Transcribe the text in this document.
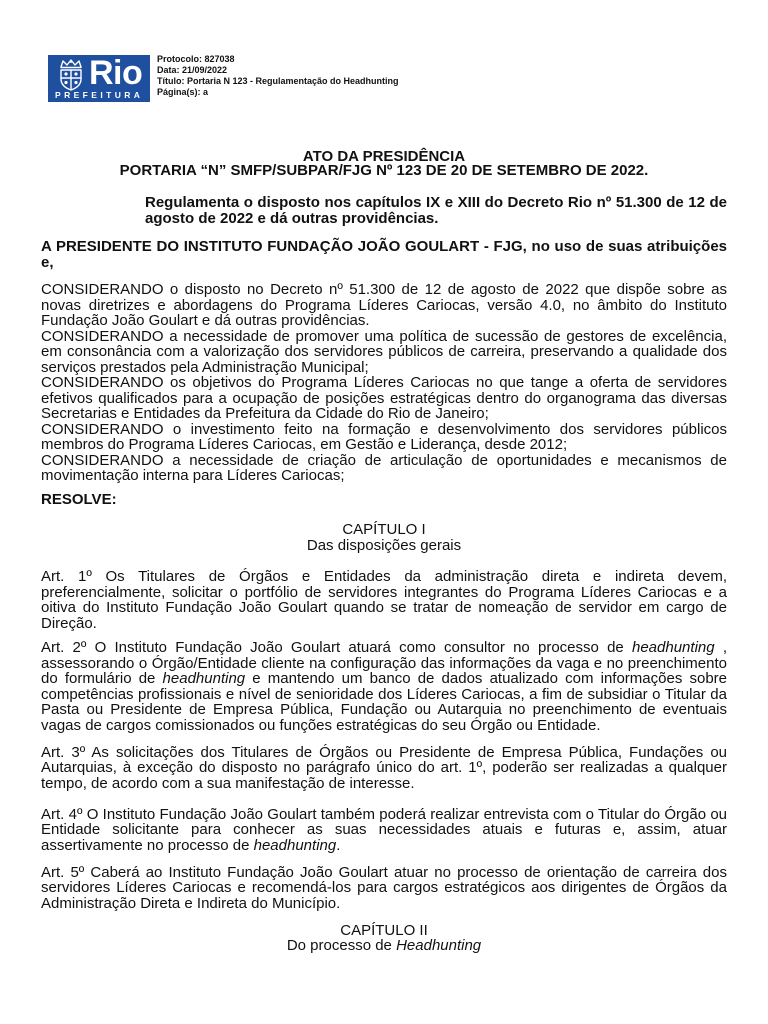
Rio
PREFEITURA
Protocolo: 827038
Data: 21/09/2022
Título: Portaria N 123 - Regulamentação do Headhunting
Página(s): a
ATO DA PRESIDÊNCIA
PORTARIA “N” SMFP/SUBPAR/FJG Nº 123 DE 20 DE SETEMBRO DE 2022.
Regulamenta o disposto nos capítulos IX e XIII do Decreto Rio nº 51.300 de 12 de agosto de 2022 e dá outras providências.
A PRESIDENTE DO INSTITUTO FUNDAÇÃO JOÃO GOULART - FJG, no uso de suas atribuições e,

CONSIDERANDO o disposto no Decreto nº 51.300 de 12 de agosto de 2022 que dispõe sobre as novas diretrizes e abordagens do Programa Líderes Cariocas, versão 4.0, no âmbito do Instituto Fundação João Goulart e dá outras providências.

CONSIDERANDO a necessidade de promover uma política de sucessão de gestores de excelência, em consonância com a valorização dos servidores públicos de carreira, preservando a qualidade dos serviços prestados pela Administração Municipal;

CONSIDERANDO os objetivos do Programa Líderes Cariocas no que tange a oferta de servidores efetivos qualificados para a ocupação de posições estratégicas dentro do organograma das diversas Secretarias e Entidades da Prefeitura da Cidade do Rio de Janeiro;

CONSIDERANDO o investimento feito na formação e desenvolvimento dos servidores públicos membros do Programa Líderes Cariocas, em Gestão e Liderança, desde 2012;

CONSIDERANDO a necessidade de criação de articulação de oportunidades e mecanismos de movimentação interna para Líderes Cariocas;

RESOLVE:
CAPÍTULO I
Das disposições gerais
Art. 1º Os Titulares de Órgãos e Entidades da administração direta e indireta devem, preferencialmente, solicitar o portfólio de servidores integrantes do Programa Líderes Cariocas e a oitiva do Instituto Fundação João Goulart quando se tratar de nomeação de servidor em cargo de Direção.
Art. 2º O Instituto Fundação João Goulart atuará como consultor no processo de headhunting , assessorando o Órgão/Entidade cliente na configuração das informações da vaga e no preenchimento do formulário de headhunting e mantendo um banco de dados atualizado com informações sobre competências profissionais e nível de senioridade dos Líderes Cariocas, a fim de subsidiar o Titular da Pasta ou Presidente de Empresa Pública, Fundação ou Autarquia no preenchimento de eventuais vagas de cargos comissionados ou funções estratégicas do seu Órgão ou Entidade.
Art. 3º As solicitações dos Titulares de Órgãos ou Presidente de Empresa Pública, Fundações ou Autarquias, à exceção do disposto no parágrafo único do art. 1º, poderão ser realizadas a qualquer tempo, de acordo com a sua manifestação de interesse.
Art. 4º O Instituto Fundação João Goulart também poderá realizar entrevista com o Titular do Órgão ou Entidade solicitante para conhecer as suas necessidades atuais e futuras e, assim, atuar assertivamente no processo de headhunting.
Art. 5º Caberá ao Instituto Fundação João Goulart atuar no processo de orientação de carreira dos servidores Líderes Cariocas e recomendá-los para cargos estratégicos aos dirigentes de Órgãos da Administração Direta e Indireta do Município.
CAPÍTULO II
Do processo de Headhunting
